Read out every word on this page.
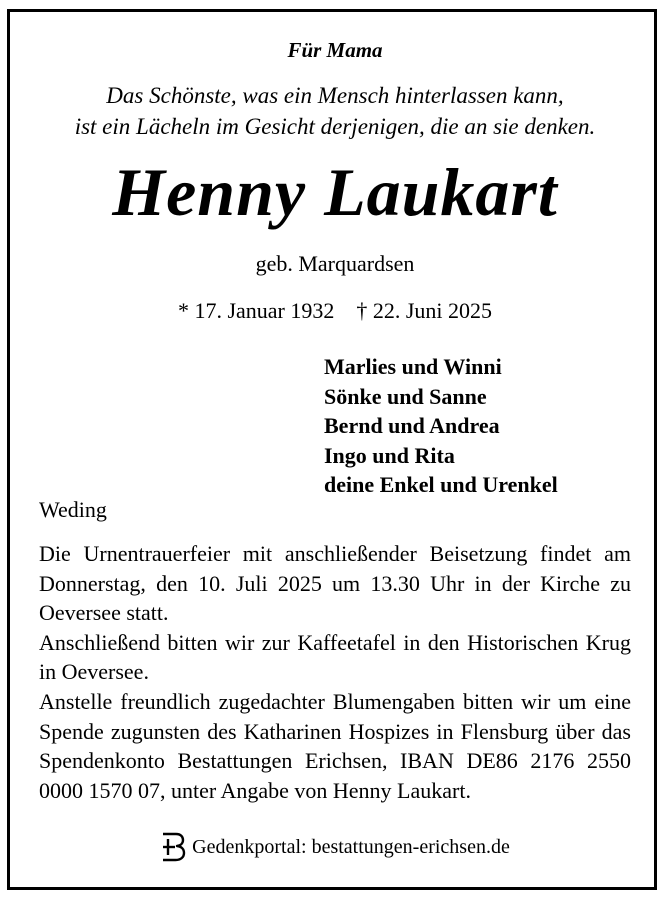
Für Mama
Das Schönste, was ein Mensch hinterlassen kann,
ist ein Lächeln im Gesicht derjenigen, die an sie denken.
Henny Laukart
geb. Marquardsen
* 17. Januar 1932 † 22. Juni 2025
Marlies und Winni
Sönke und Sanne
Bernd und Andrea
Ingo und Rita
deine Enkel und Urenkel
Weding

Die Urnentrauerfeier mit anschließender Beisetzung findet am Donnerstag, den 10. Juli 2025 um 13.30 Uhr in der Kirche zu Oeversee statt.

Anschließend bitten wir zur Kaffeetafel in den Historischen Krug in Oeversee.

Anstelle freundlich zugedachter Blumengaben bitten wir um eine Spende zugunsten des Katharinen Hospizes in Flensburg über das Spendenkonto Bestattungen Erichsen, IBAN DE86 2176 2550 0000 1570 07, unter Angabe von Henny Laukart.

Gedenkportal: bestattungen-erichsen.de
